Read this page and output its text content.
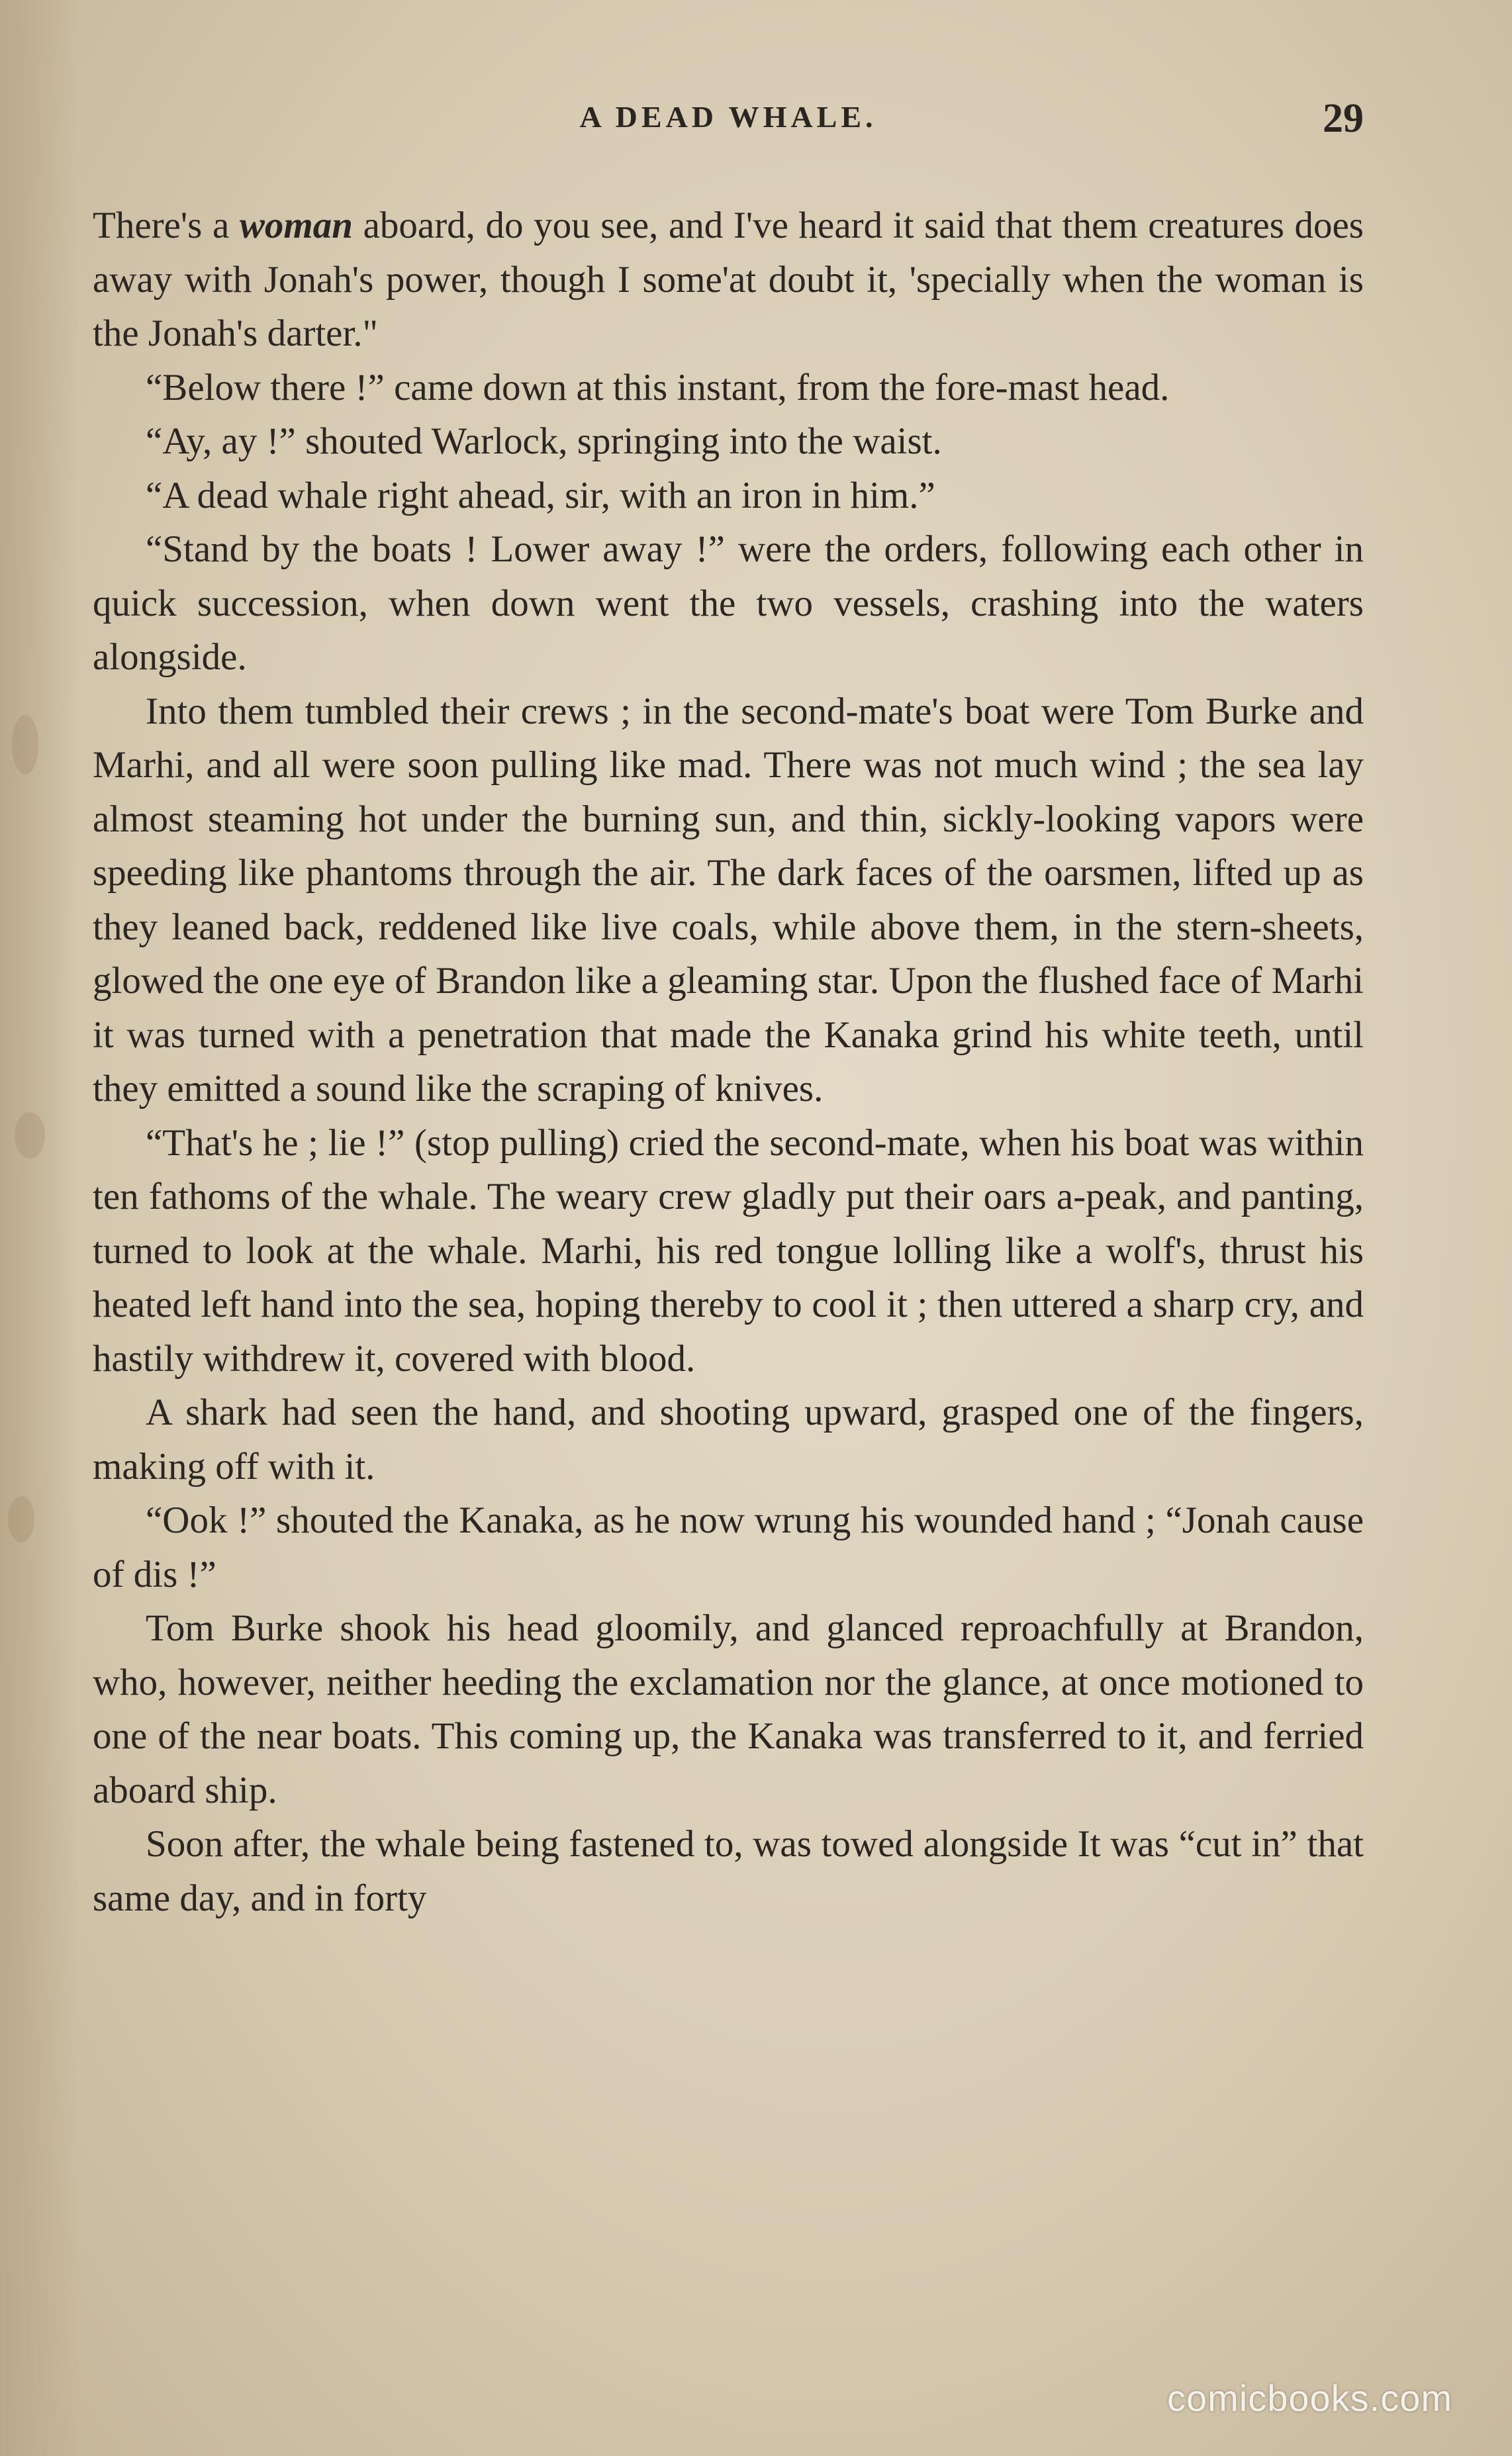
A DEAD WHALE.	29

There's a woman aboard, do you see, and I've heard it said that them creatures does away with Jonah's power, though I some'at doubt it, 'specially when the woman is the Jonah's darter."

“Below there !” came down at this instant, from the fore-mast head.

“Ay, ay !” shouted Warlock, springing into the waist.

“A dead whale right ahead, sir, with an iron in him.”

“Stand by the boats ! Lower away !” were the orders, following each other in quick succession, when down went the two vessels, crashing into the waters alongside.

Into them tumbled their crews ; in the second-mate's boat were Tom Burke and Marhi, and all were soon pulling like mad. There was not much wind ; the sea lay almost steaming hot under the burning sun, and thin, sickly-looking vapors were speeding like phantoms through the air. The dark faces of the oarsmen, lifted up as they leaned back, reddened like live coals, while above them, in the stern-sheets, glowed the one eye of Brandon like a gleaming star. Upon the flushed face of Marhi it was turned with a penetration that made the Kanaka grind his white teeth, until they emitted a sound like the scraping of knives.

“That's he ; lie !” (stop pulling) cried the second-mate, when his boat was within ten fathoms of the whale. The weary crew gladly put their oars a-peak, and panting, turned to look at the whale. Marhi, his red tongue lolling like a wolf's, thrust his heated left hand into the sea, hoping thereby to cool it ; then uttered a sharp cry, and hastily withdrew it, covered with blood.

A shark had seen the hand, and shooting upward, grasped one of the fingers, making off with it.

“Ook !” shouted the Kanaka, as he now wrung his wounded hand ; “Jonah cause of dis !”

Tom Burke shook his head gloomily, and glanced reproachfully at Brandon, who, however, neither heeding the exclamation nor the glance, at once motioned to one of the near boats. This coming up, the Kanaka was transferred to it, and ferried aboard ship.

Soon after, the whale being fastened to, was towed alongside It was “cut in” that same day, and in forty

comicbooks.com
